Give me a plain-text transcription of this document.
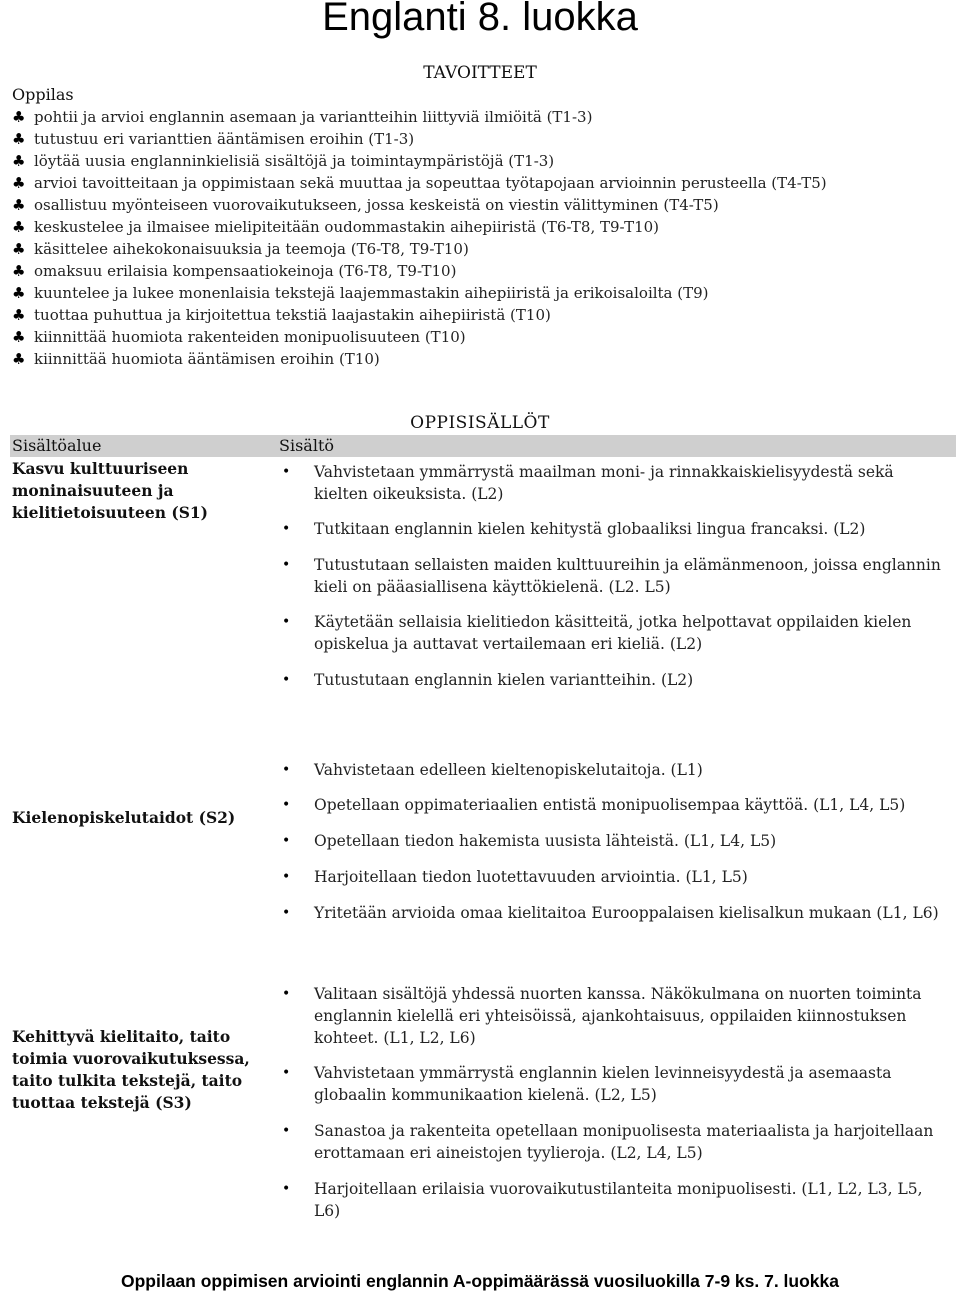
Englanti 8. luokka
TAVOITTEET
Oppilas
♣ pohtii ja arvioi englannin asemaan ja variantteihin liittyviä ilmiöitä (T1-3)
♣ tutustuu eri varianttien ääntämisen eroihin (T1-3)
♣ löytää uusia englanninkielisiä sisältöjä ja toimintaympäristöjä (T1-3)
♣ arvioi tavoitteitaan ja oppimistaan sekä muuttaa ja sopeuttaa työtapojaan arvioinnin perusteella (T4-T5)
♣ osallistuu myönteiseen vuorovaikutukseen, jossa keskeistä on viestin välittyminen (T4-T5)
♣ keskustelee ja ilmaisee mielipiteitään oudommastakin aihepiiristä (T6-T8, T9-T10)
♣ käsittelee aihekokonaisuuksia ja teemoja (T6-T8, T9-T10)
♣ omaksuu erilaisia kompensaatiokeinoja (T6-T8, T9-T10)
♣ kuuntelee ja lukee monenlaisia tekstejä laajemmastakin aihepiiristä ja erikoisaloilta (T9)
♣ tuottaa puhuttua ja kirjoitettua tekstiä laajastakin aihepiiristä (T10)
♣ kiinnittää huomiota rakenteiden monipuolisuuteen (T10)
♣ kiinnittää huomiota ääntämisen eroihin (T10)
OPPISISÄLLÖT
Sisältöalue	Sisältö
Kasvu kulttuuriseen moninaisuuteen ja kielitietoisuuteen (S1)
• Vahvistetaan ymmärrystä maailman moni- ja rinnakkaiskielisyydestä sekä kielten oikeuksista. (L2)
• Tutkitaan englannin kielen kehitystä globaaliksi lingua francaksi. (L2)
• Tutustutaan sellaisten maiden kulttuureihin ja elämänmenoon, joissa englannin kieli on pääasiallisena käyttökielenä. (L2. L5)
• Käytetään sellaisia kielitiedon käsitteitä, jotka helpottavat oppilaiden kielen opiskelua ja auttavat vertailemaan eri kieliä. (L2)
• Tutustutaan englannin kielen variantteihin. (L2)
Kielenopiskelutaidot (S2)
• Vahvistetaan edelleen kieltenopiskelutaitoja. (L1)
• Opetellaan oppimateriaalien entistä monipuolisempaa käyttöä. (L1, L4, L5)
• Opetellaan tiedon hakemista uusista lähteistä. (L1, L4, L5)
• Harjoitellaan tiedon luotettavuuden arviointia. (L1, L5)
• Yritetään arvioida omaa kielitaitoa Eurooppalaisen kielisalkun mukaan (L1, L6)
Kehittyvä kielitaito, taito toimia vuorovaikutuksessa, taito tulkita tekstejä, taito tuottaa tekstejä (S3)
• Valitaan sisältöjä yhdessä nuorten kanssa. Näkökulmana on nuorten toiminta englannin kielellä eri yhteisöissä, ajankohtaisuus, oppilaiden kiinnostuksen kohteet. (L1, L2, L6)
• Vahvistetaan ymmärrystä englannin kielen levinneisyydestä ja asemaasta globaalin kommunikaation kielenä. (L2, L5)
• Sanastoa ja rakenteita opetellaan monipuolisesta materiaalista ja harjoitellaan erottamaan eri aineistojen tyylieroja. (L2, L4, L5)
• Harjoitellaan erilaisia vuorovaikutustilanteita monipuolisesti. (L1, L2, L3, L5, L6)
Oppilaan oppimisen arviointi englannin A-oppimäärässä vuosiluokilla 7-9 ks. 7. luokka
